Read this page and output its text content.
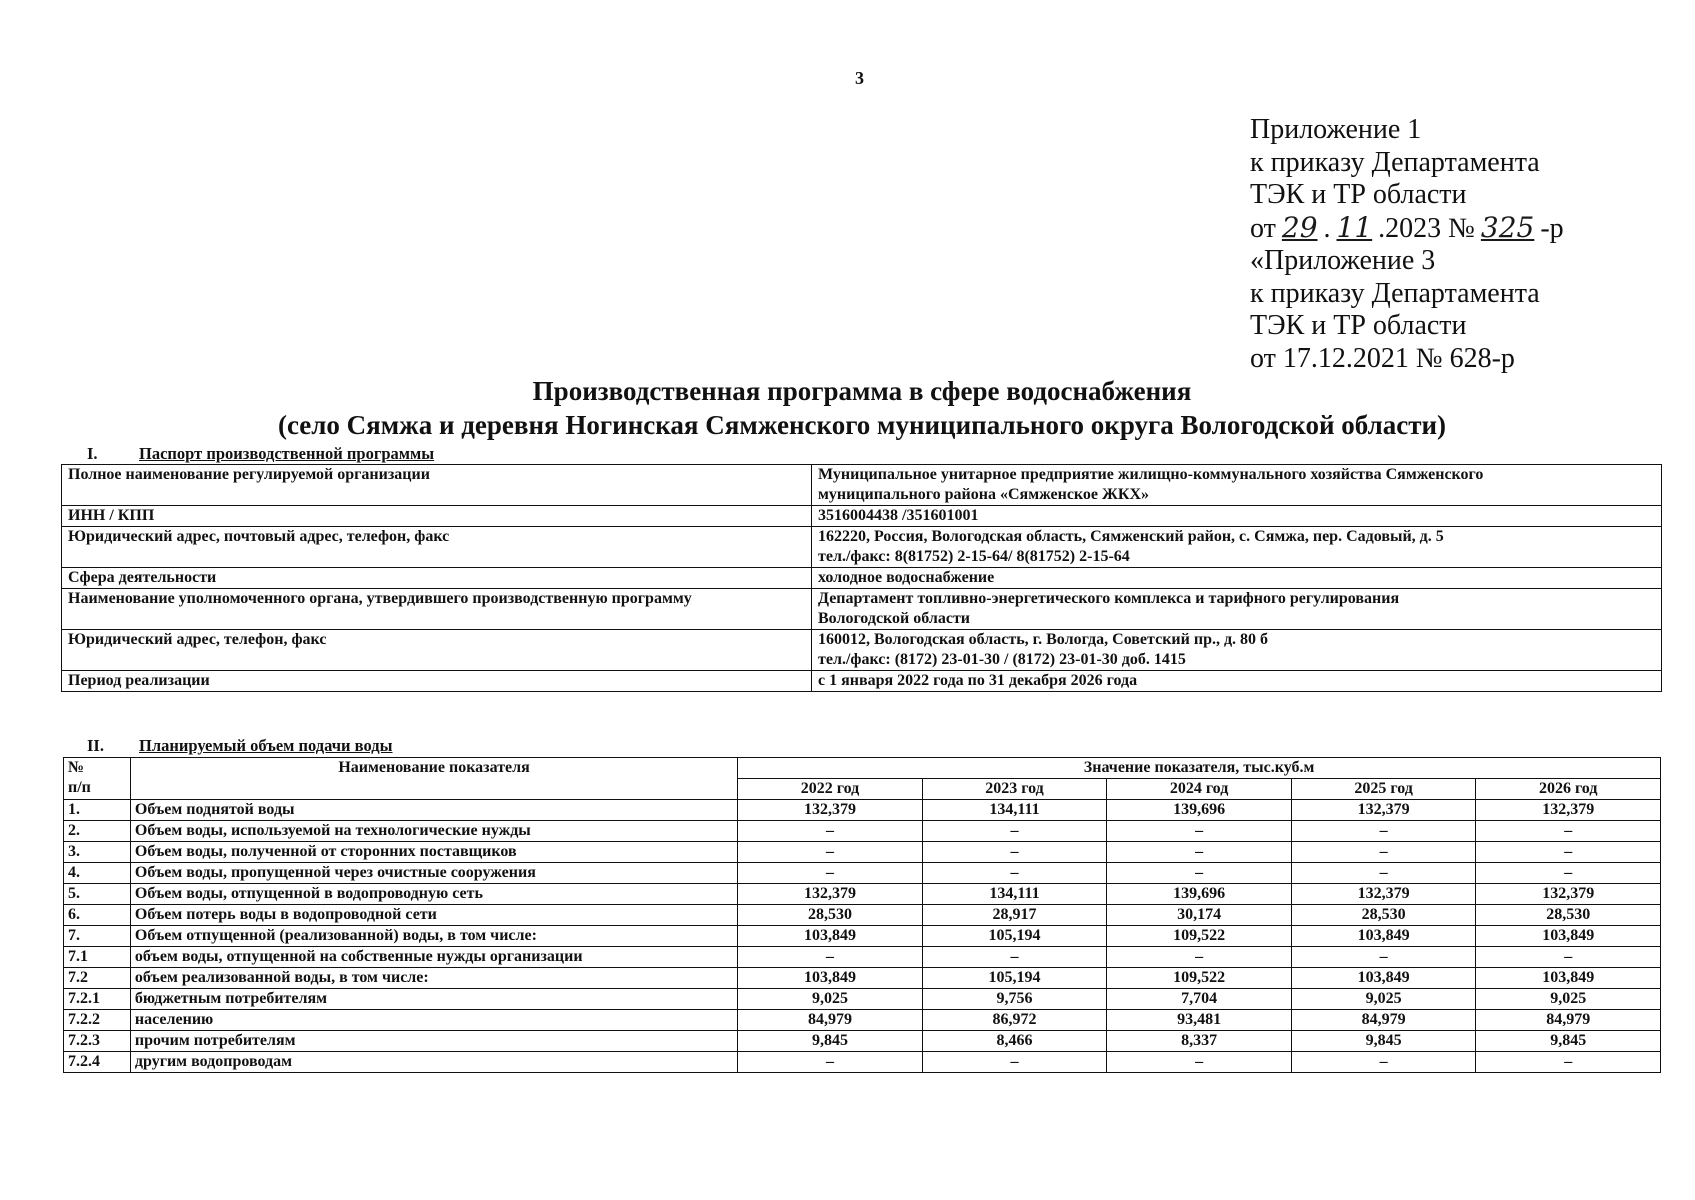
3
Приложение 1
к приказу Департамента
ТЭК и ТР области
от 29 . 11 .2023 № 325 -р
«Приложение 3
к приказу Департамента
ТЭК и ТР области
от 17.12.2021 № 628-р
Производственная программа в сфере водоснабжения
(село Сямжа и деревня Ногинская Сямженского муниципального округа Вологодской области)
I.	Паспорт производственной программы
Полное наименование регулируемой организации	Муниципальное унитарное предприятие жилищно-коммунального хозяйства Сямженского
муниципального района «Сямженское ЖКХ»
ИНН / КПП	3516004438 /351601001
Юридический адрес, почтовый адрес, телефон, факс	162220, Россия, Вологодская область, Сямженский район, с. Сямжа, пер. Садовый, д. 5
тел./факс: 8(81752) 2-15-64/ 8(81752) 2-15-64
Сфера деятельности	холодное водоснабжение
Наименование уполномоченного органа, утвердившего производственную программу	Департамент топливно-энергетического комплекса и тарифного регулирования
Вологодской области
Юридический адрес, телефон, факс	160012, Вологодская область, г. Вологда, Советский пр., д. 80 б
тел./факс: (8172) 23-01-30 / (8172) 23-01-30 доб. 1415
Период реализации	с 1 января 2022 года по 31 декабря 2026 года
II. Планируемый объем подачи воды
№
п/п	Наименование показателя	Значение показателя, тыс.куб.м				
		2022 год	2023 год	2024 год	2025 год	2026 год
1.	Объем поднятой воды	132,379	134,111	139,696	132,379	132,379
2.	Объем воды, используемой на технологические нужды	–	–	–	–	–
3.	Объем воды, полученной от сторонних поставщиков	–	–	–	–	–
4.	Объем воды, пропущенной через очистные сооружения	–	–	–	–	–
5.	Объем воды, отпущенной в водопроводную сеть	132,379	134,111	139,696	132,379	132,379
6.	Объем потерь воды в водопроводной сети	28,530	28,917	30,174	28,530	28,530
7.	Объем отпущенной (реализованной) воды, в том числе:	103,849	105,194	109,522	103,849	103,849
7.1	объем воды, отпущенной на собственные нужды организации	–	–	–	–	–
7.2	объем реализованной воды, в том числе:	103,849	105,194	109,522	103,849	103,849
7.2.1	бюджетным потребителям	9,025	9,756	7,704	9,025	9,025
7.2.2	населению	84,979	86,972	93,481	84,979	84,979
7.2.3	прочим потребителям	9,845	8,466	8,337	9,845	9,845
7.2.4	другим водопроводам	–	–	–	–	–
